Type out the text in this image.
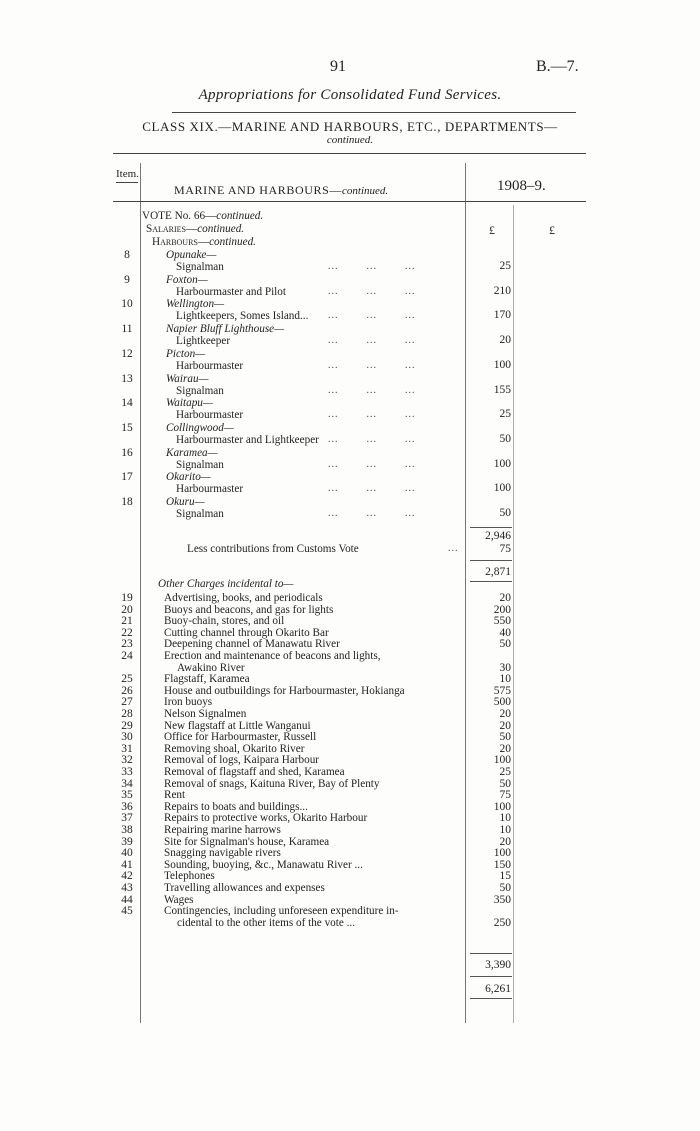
91	B.—7.
Appropriations for Consolidated Fund Services.
CLASS XIX.—MARINE AND HARBOURS, ETC., DEPARTMENTS—
continued.
Item.
MARINE AND HARBOURS—continued.	1908–9.
£	£
VOTE No. 66—continued.
Salaries—continued.
Harbours—continued.
8	Opunake—
Signalman	...        ...        ...	25
9	Foxton—
Harbourmaster and Pilot	...        ...        ...	210
10	Wellington—
Lightkeepers, Somes Island... ...        ...        ...	170
11	Napier Bluff Lighthouse—
Lightkeeper	...        ...        ...	20
12	Picton—
Harbourmaster	...        ...        ...	100
13	Wairau—
Signalman	...        ...        ...	155
14	Waitapu—
Harbourmaster	...        ...        ...	25
15	Collingwood—
Harbourmaster and Lightkeeper ...        ...        ...	50
16	Karamea—
Signalman	...        ...        ...	100
17	Okarito—
Harbourmaster	...        ...        ...	100
18	Okuru—
Signalman	...        ...        ...	50
2,946
Less contributions from Customs Vote	...	75
2,871
Other Charges incidental to—
19	Advertising, books, and periodicals	20
20	Buoys and beacons, and gas for lights	200
21	Buoy-chain, stores, and oil	550
22	Cutting channel through Okarito Bar	40
23	Deepening channel of Manawatu River	50
24	Erection and maintenance of beacons and lights,
Awakino River	30
25	Flagstaff, Karamea	10
26	House and outbuildings for Harbourmaster, Hokianga	575
27	Iron buoys	500
28	Nelson Signalmen	20
29	New flagstaff at Little Wanganui	20
30	Office for Harbourmaster, Russell	50
31	Removing shoal, Okarito River	20
32	Removal of logs, Kaipara Harbour	100
33	Removal of flagstaff and shed, Karamea	25
34	Removal of snags, Kaituna River, Bay of Plenty	50
35	Rent	75
36	Repairs to boats and buildings...	100
37	Repairs to protective works, Okarito Harbour	10
38	Repairing marine harrows	10
39	Site for Signalman's house, Karamea	20
40	Snagging navigable rivers	100
41	Sounding, buoying, &c., Manawatu River ...	150
42	Telephones	15
43	Travelling allowances and expenses	50
44	Wages	350
45	Contingencies, including unforeseen expenditure in-
cidental to the other items of the vote ...	250
3,390
6,261
